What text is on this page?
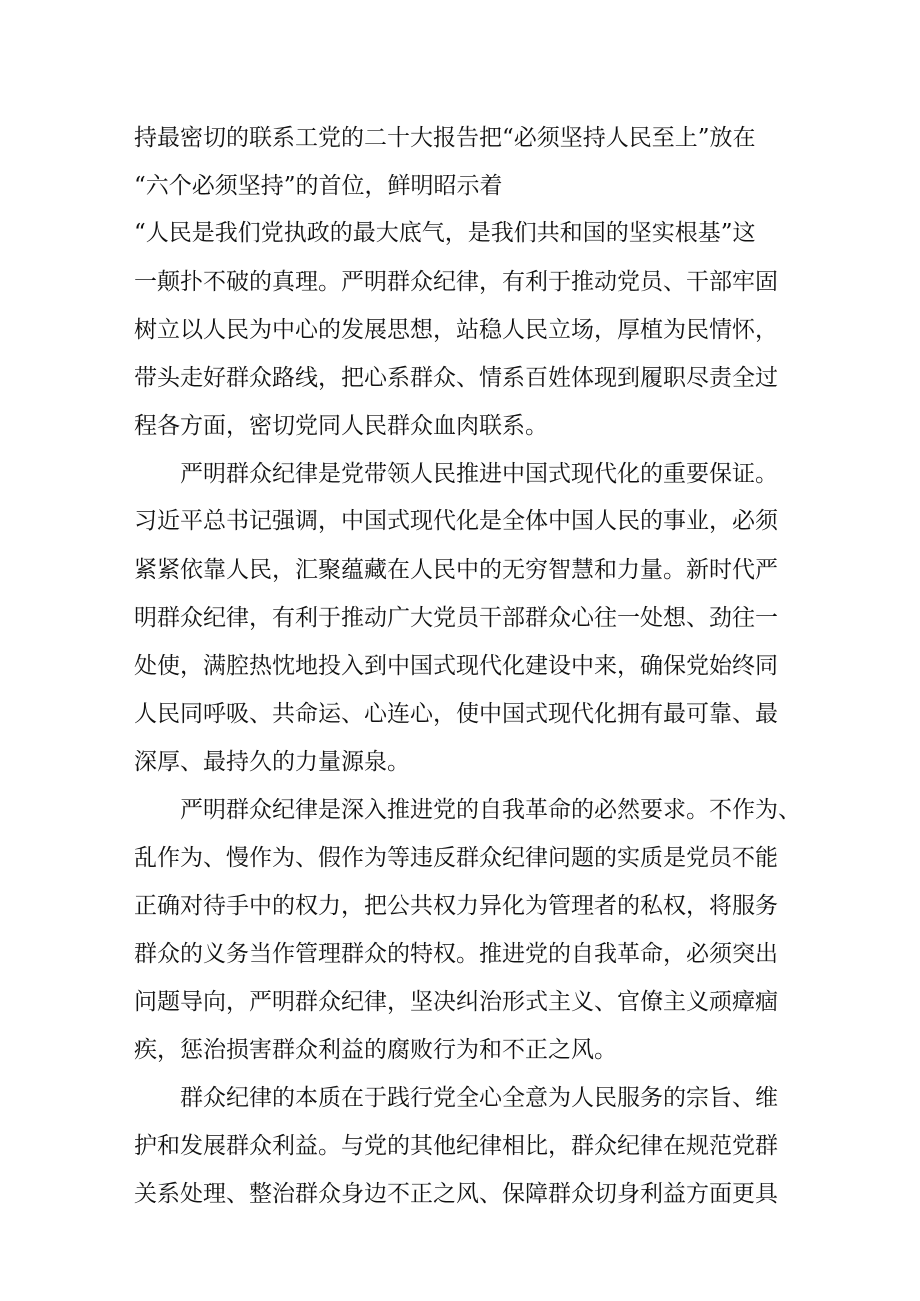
持最密切的联系工党的二十大报告把“必须坚持人民至上”放在
“六个必须坚持”的首位，鲜明昭示着
“人民是我们党执政的最大底气，是我们共和国的坚实根基”这
一颠扑不破的真理。严明群众纪律，有利于推动党员、干部牢固
树立以人民为中心的发展思想，站稳人民立场，厚植为民情怀，
带头走好群众路线，把心系群众、情系百姓体现到履职尽责全过
程各方面，密切党同人民群众血肉联系。
严明群众纪律是党带领人民推进中国式现代化的重要保证。
习近平总书记强调，中国式现代化是全体中国人民的事业，必须
紧紧依靠人民，汇聚蕴藏在人民中的无穷智慧和力量。新时代严
明群众纪律，有利于推动广大党员干部群众心往一处想、劲往一
处使，满腔热忱地投入到中国式现代化建设中来，确保党始终同
人民同呼吸、共命运、心连心，使中国式现代化拥有最可靠、最
深厚、最持久的力量源泉。
严明群众纪律是深入推进党的自我革命的必然要求。不作为、
乱作为、慢作为、假作为等违反群众纪律问题的实质是党员不能
正确对待手中的权力，把公共权力异化为管理者的私权，将服务
群众的义务当作管理群众的特权。推进党的自我革命，必须突出
问题导向，严明群众纪律，坚决纠治形式主义、官僚主义顽瘴痼
疾，惩治损害群众利益的腐败行为和不正之风。
群众纪律的本质在于践行党全心全意为人民服务的宗旨、维
护和发展群众利益。与党的其他纪律相比，群众纪律在规范党群
关系处理、整治群众身边不正之风、保障群众切身利益方面更具
